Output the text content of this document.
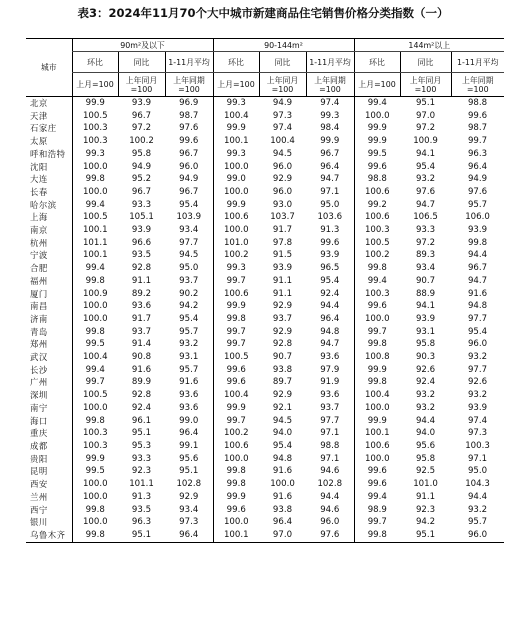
表3：2024年11月70个大中城市新建商品住宅销售价格分类指数（一）
城市	90m²及以下			90-144m²			144m²以上		
	环比	同比	1-11月平均	环比	同比	1-11月平均	环比	同比	1-11月平均
	上月=100	上年同月=100	上年同期=100	上月=100	上年同月=100	上年同期=100	上月=100	上年同月=100	上年同期=100
北京	99.9	93.9	96.9	99.3	94.9	97.4	99.4	95.1	98.8
天津	100.5	96.7	98.7	100.4	97.3	99.3	100.0	97.0	99.6
石家庄	100.3	97.2	97.6	99.9	97.4	98.4	99.9	97.2	98.7
太原	100.3	100.2	99.6	100.1	100.4	99.9	99.9	100.9	99.7
呼和浩特	99.3	95.8	96.7	99.3	94.5	96.7	99.5	94.1	96.3
沈阳	100.0	94.9	96.0	100.0	96.0	96.4	99.6	95.4	96.4
大连	99.8	95.2	94.9	99.0	92.9	94.7	98.8	93.2	94.9
长春	100.0	96.7	96.7	100.0	96.0	97.1	100.6	97.6	97.6
哈尔滨	99.4	93.3	95.4	99.9	93.0	95.0	99.2	94.7	95.7
上海	100.5	105.1	103.9	100.6	103.7	103.6	100.6	106.5	106.0
南京	100.1	93.9	93.4	100.0	91.7	91.3	100.3	93.3	93.9
杭州	101.1	96.6	97.7	101.0	97.8	99.6	100.5	97.2	99.8
宁波	100.1	93.5	94.5	100.2	91.5	93.9	100.2	89.3	94.4
合肥	99.4	92.8	95.0	99.3	93.9	96.5	99.8	93.4	96.7
福州	99.8	91.1	93.7	99.7	91.1	95.4	99.4	90.7	94.7
厦门	100.9	89.2	90.2	100.6	91.1	92.4	100.3	88.9	91.6
南昌	100.0	93.6	94.2	99.9	92.9	94.4	99.6	94.1	94.8
济南	100.0	91.7	95.4	99.8	93.7	96.4	100.0	93.9	97.7
青岛	99.8	93.7	95.7	99.7	92.9	94.8	99.7	93.1	95.4
郑州	99.5	91.4	93.2	99.7	92.8	94.7	99.8	95.8	96.0
武汉	100.4	90.8	93.1	100.5	90.7	93.6	100.8	90.3	93.2
长沙	99.4	91.6	95.7	99.6	93.8	97.9	99.9	92.6	97.7
广州	99.7	89.9	91.6	99.6	89.7	91.9	99.8	92.4	92.6
深圳	100.5	92.8	93.6	100.4	92.9	93.6	100.4	93.2	93.2
南宁	100.0	92.4	93.6	99.9	92.1	93.7	100.0	93.2	93.9
海口	99.8	96.1	99.0	99.7	94.5	97.7	99.9	94.4	97.4
重庆	100.3	95.1	96.4	100.2	94.0	97.1	100.1	94.0	97.3
成都	100.3	95.3	99.1	100.6	95.4	98.8	100.6	95.6	100.3
贵阳	99.9	93.3	95.6	100.0	94.8	97.1	100.0	95.8	97.1
昆明	99.5	92.3	95.1	99.8	91.6	94.6	99.6	92.5	95.0
西安	100.0	101.1	102.8	99.8	100.0	102.8	99.6	101.0	104.3
兰州	100.0	91.3	92.9	99.9	91.6	94.4	99.4	91.1	94.4
西宁	99.8	93.5	93.4	99.6	93.8	94.6	98.9	92.3	93.2
银川	100.0	96.3	97.3	100.0	96.4	96.0	99.7	94.2	95.7
乌鲁木齐	99.8	95.1	96.4	100.1	97.0	97.6	99.8	95.1	96.0
